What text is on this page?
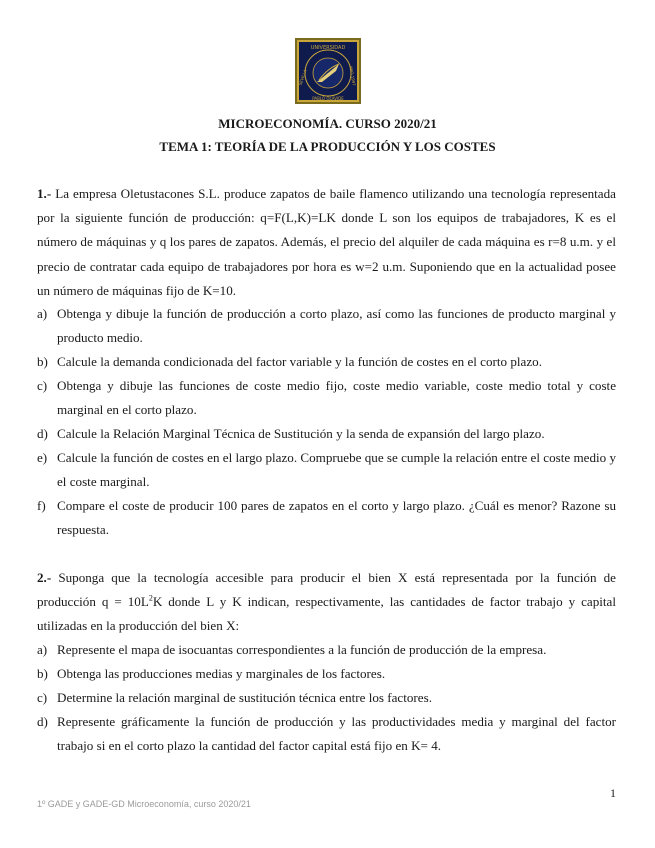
UNIVERSIDAD
SEVILLA	ANO 1997
PABLO OLAVIDE
MICROECONOMÍA. CURSO 2020/21
TEMA 1: TEORÍA DE LA PRODUCCIÓN Y LOS COSTES
1.- La empresa Oletustacones S.L. produce zapatos de baile flamenco utilizando una tecnología representada por la siguiente función de producción: q=F(L,K)=LK donde L son los equipos de trabajadores, K es el número de máquinas y q los pares de zapatos. Además, el precio del alquiler de cada máquina es r=8 u.m. y el precio de contratar cada equipo de trabajadores por hora es w=2 u.m. Suponiendo que en la actualidad posee un número de máquinas fijo de K=10.
a) Obtenga y dibuje la función de producción a corto plazo, así como las funciones de producto marginal y producto medio.
b) Calcule la demanda condicionada del factor variable y la función de costes en el corto plazo.
c) Obtenga y dibuje las funciones de coste medio fijo, coste medio variable, coste medio total y coste marginal en el corto plazo.
d) Calcule la Relación Marginal Técnica de Sustitución y la senda de expansión del largo plazo.
e) Calcule la función de costes en el largo plazo. Compruebe que se cumple la relación entre el coste medio y el coste marginal.
f) Compare el coste de producir 100 pares de zapatos en el corto y largo plazo. ¿Cuál es menor? Razone su respuesta.
2.- Suponga que la tecnología accesible para producir el bien X está representada por la función de producción $q = 10L^2K$ donde L y K indican, respectivamente, las cantidades de factor trabajo y capital utilizadas en la producción del bien X:
a) Represente el mapa de isocuantas correspondientes a la función de producción de la empresa.
b) Obtenga las producciones medias y marginales de los factores.
c) Determine la relación marginal de sustitución técnica entre los factores.
d) Represente gráficamente la función de producción y las productividades media y marginal del factor trabajo si en el corto plazo la cantidad del factor capital está fijo en K= 4.
1
1º GADE y GADE-GD Microeconomía, curso 2020/21
